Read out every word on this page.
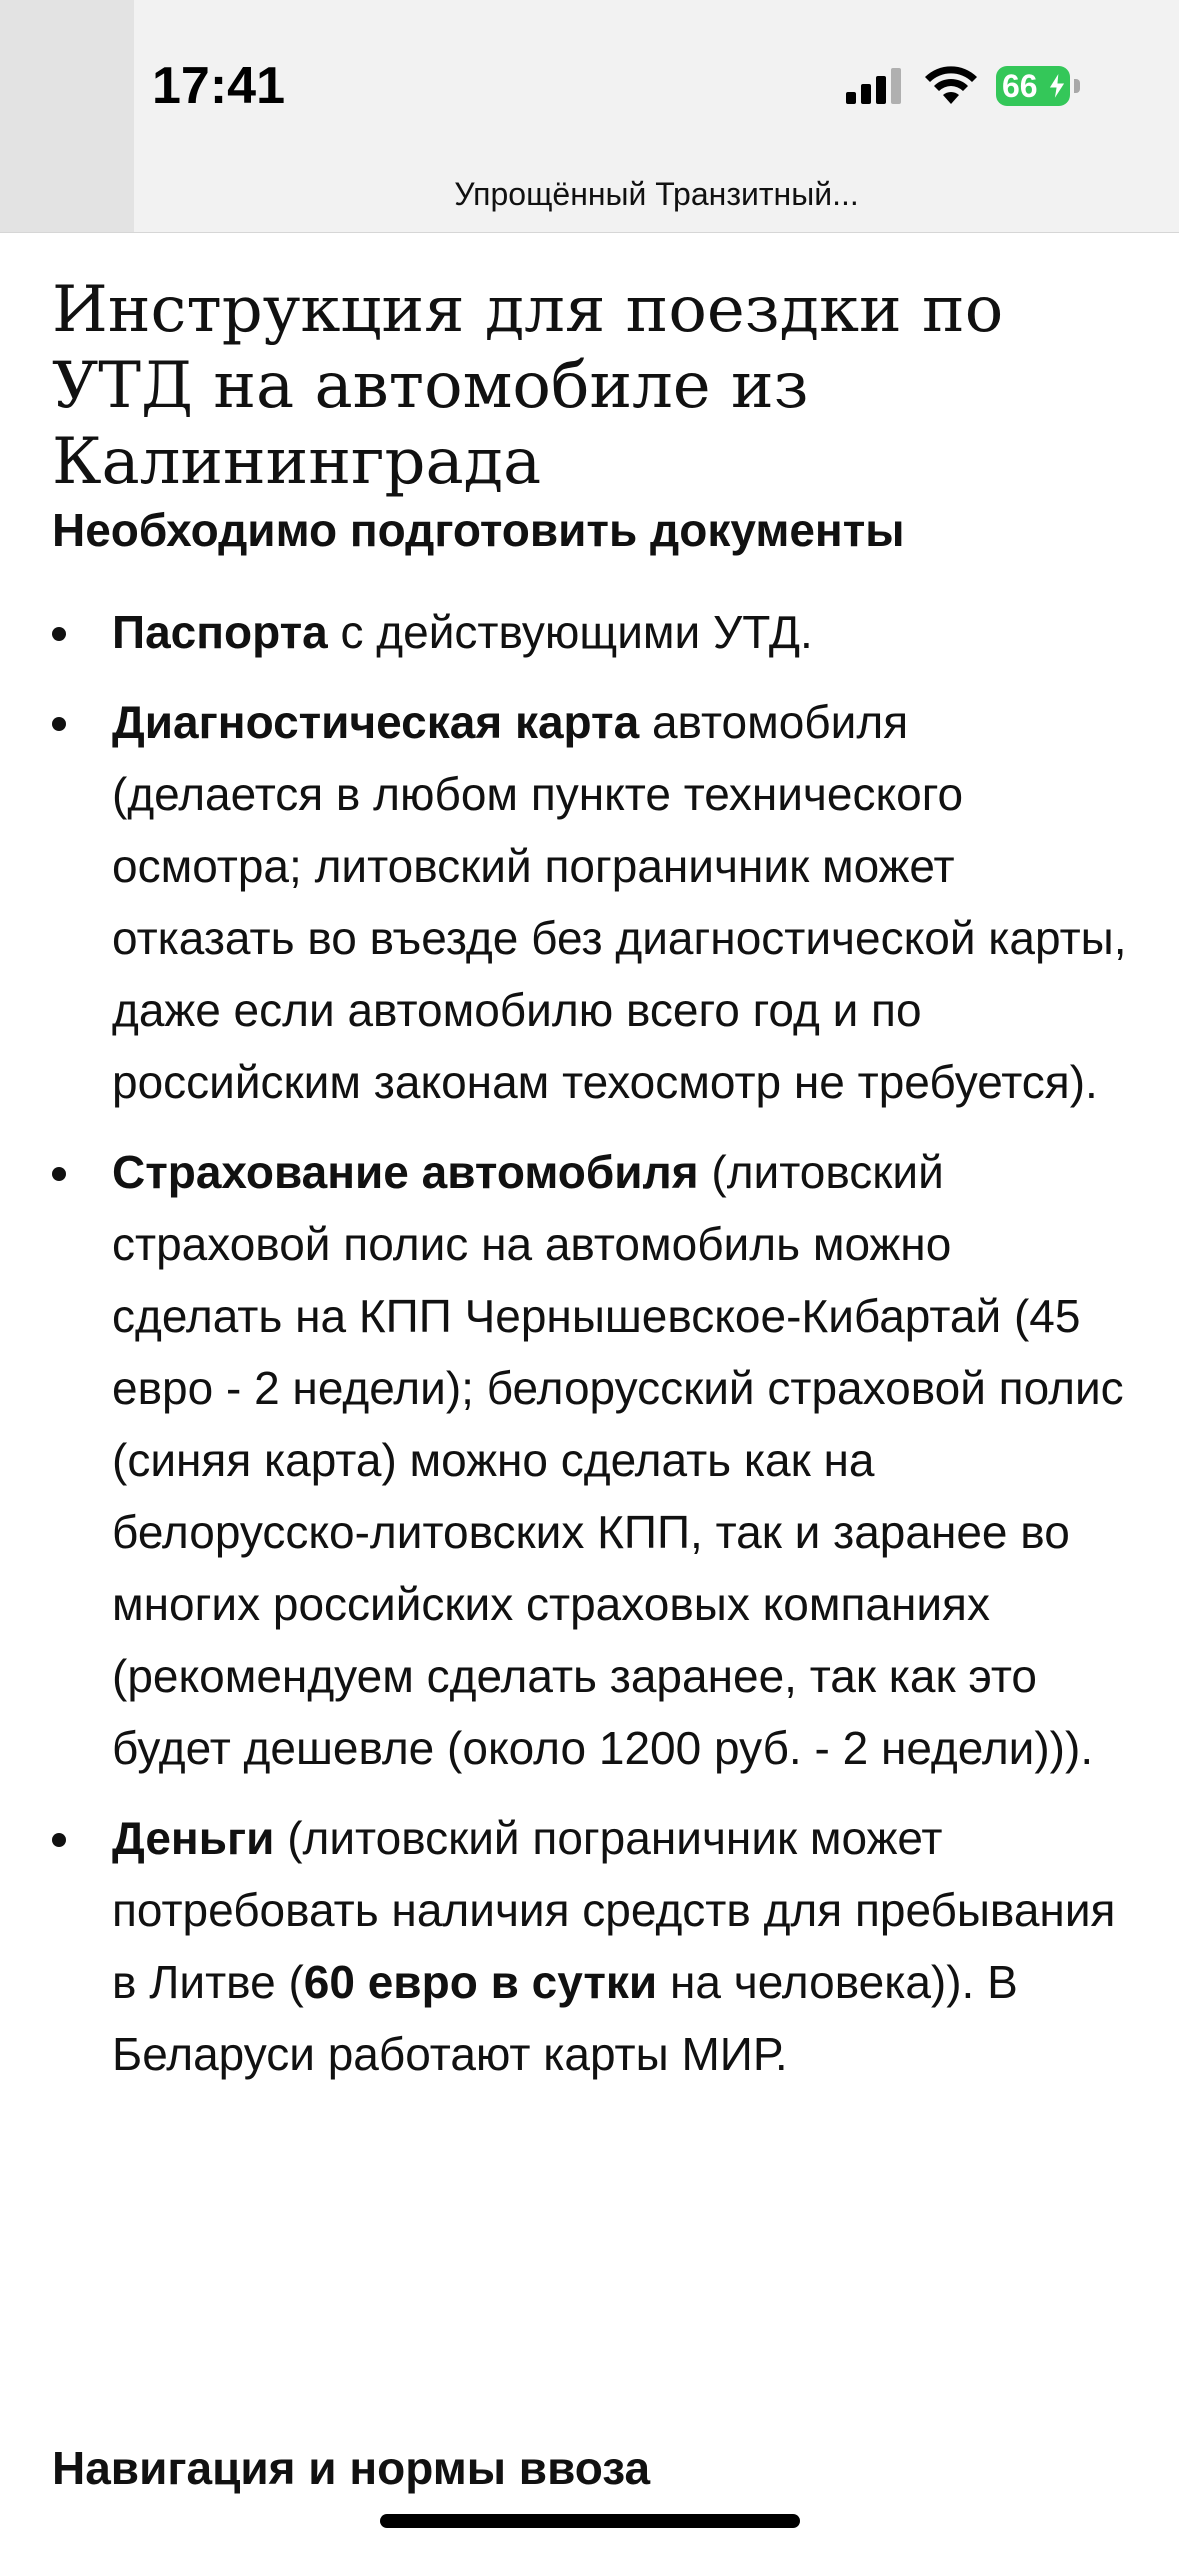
17:41	66
Упрощённый Транзитный...
Инструкция для поездки по УТД на автомобиле из Калининграда
Необходимо подготовить документы
Паспорта с действующими УТД.
Диагностическая карта автомобиля (делается в любом пункте технического осмотра; литовский пограничник может отказать во въезде без диагностической карты, даже если автомобилю всего год и по российским законам техосмотр не требуется).
Страхование автомобиля (литовский страховой полис на автомобиль можно сделать на КПП Чернышевское-Кибартай (45 евро - 2 недели); белорусский страховой полис (синяя карта) можно сделать как на белорусско-литовских КПП, так и заранее во многих российских страховых компаниях (рекомендуем сделать заранее, так как это будет дешевле (около 1200 руб. - 2 недели))).
Деньги (литовский пограничник может потребовать наличия средств для пребывания в Литве (60 евро в сутки на человека)). В Беларуси работают карты МИР.
Навигация и нормы ввоза
